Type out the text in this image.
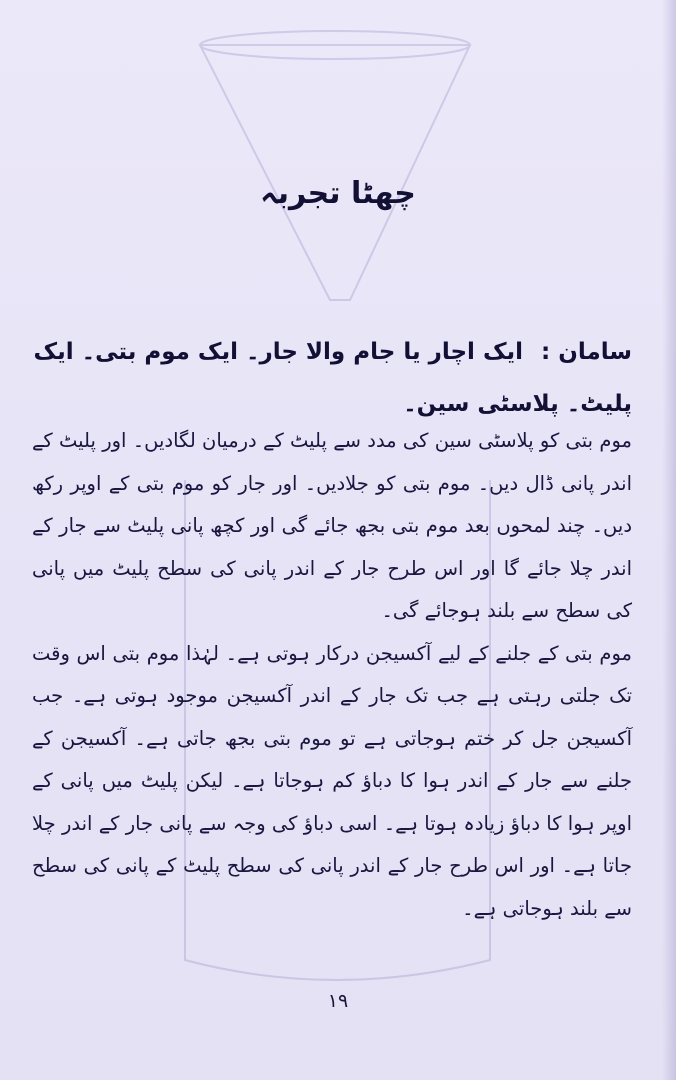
چھٹا تجربہ
سامان : ایک اچار یا جام والا جار۔ ایک موم بتی۔ ایک پلیٹ۔ پلاسٹی سین۔

موم بتی کو پلاسٹی سین کی مدد سے پلیٹ کے درمیان لگادیں۔ اور پلیٹ کے اندر پانی ڈال دیں۔ موم بتی کو جلادیں۔ اور جار کو موم بتی کے اوپر رکھ دیں۔ چند لمحوں بعد موم بتی بجھ جائے گی اور کچھ پانی پلیٹ سے جار کے اندر چلا جائے گا اور اس طرح جار کے اندر پانی کی سطح پلیٹ میں پانی کی سطح سے بلند ہوجائے گی۔

موم بتی کے جلنے کے لیے آکسیجن درکار ہوتی ہے۔ لہٰذا موم بتی اس وقت تک جلتی رہتی ہے جب تک جار کے اندر آکسیجن موجود ہوتی ہے۔ جب آکسیجن جل کر ختم ہوجاتی ہے تو موم بتی بجھ جاتی ہے۔ آکسیجن کے جلنے سے جار کے اندر ہوا کا دباؤ کم ہوجاتا ہے۔ لیکن پلیٹ میں پانی کے اوپر ہوا کا دباؤ زیادہ ہوتا ہے۔ اسی دباؤ کی وجہ سے پانی جار کے اندر چلا جاتا ہے۔ اور اس طرح جار کے اندر پانی کی سطح پلیٹ کے پانی کی سطح سے بلند ہوجاتی ہے۔

۱۹
